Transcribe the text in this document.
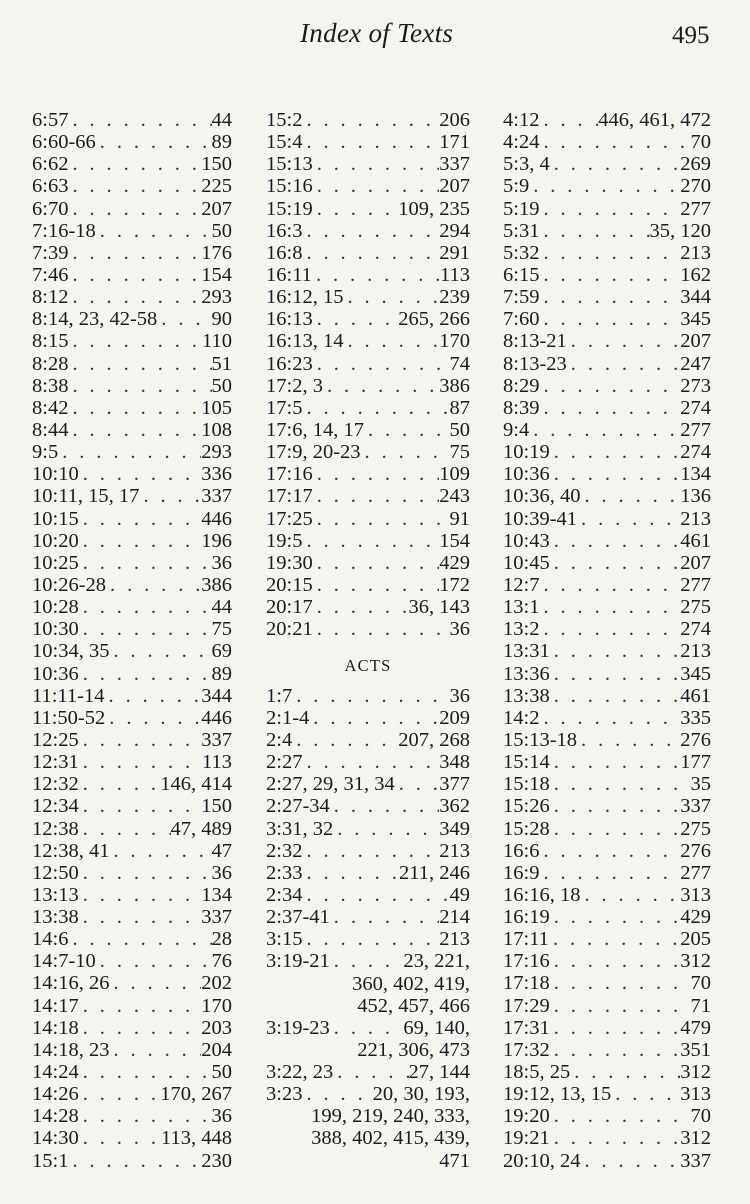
Index of Texts	495
6:57 . . .	44
6:60-66 . . .	89
6:62 . . .	150
6:63 . . .	225
6:70 . . .	207
7:16-18 . . .	50
7:39 . . .	176
7:46 . . .	154
8:12 . . .	293
8:14, 23, 42-58 . . .	90
8:15 . . .	110
8:28 . . .	51
8:38 . . .	50
8:42 . . .	105
8:44 . . .	108
9:5 . . .	293
10:10 . . .	336
10:11, 15, 17 . . .	337
10:15 . . .	446
10:20 . . .	196
10:25 . . .	36
10:26-28 . . .	386
10:28 . . .	44
10:30 . . .	75
10:34, 35 . . .	69
10:36 . . .	89
11:11-14 . . .	344
11:50-52 . . .	446
12:25 . . .	337
12:31 . . .	113
12:32 . . .	146, 414
12:34 . . .	150
12:38 . . .	47, 489
12:38, 41 . . .	47
12:50 . . .	36
13:13 . . .	134
13:38 . . .	337
14:6 . . .	28
14:7-10 . . .	76
14:16, 26 . . .	202
14:17 . . .	170
14:18 . . .	203
14:18, 23 . . .	204
14:24 . . .	50
14:26 . . .	170, 267
14:28 . . .	36
14:30 . . .	113, 448
15:1 . . .	230
15:2 . . .	206
15:4 . . .	171
15:13 . . .	337
15:16 . . .	207
15:19 . . .	109, 235
16:3 . . .	294
16:8 . . .	291
16:11 . . .	113
16:12, 15 . . .	239
16:13 . . .	265, 266
16:13, 14 . . .	170
16:23 . . .	74
17:2, 3 . . .	386
17:5 . . .	87
17:6, 14, 17 . . .	50
17:9, 20-23 . . .	75
17:16 . . .	109
17:17 . . .	243
17:25 . . .	91
19:5 . . .	154
19:30 . . .	429
20:15 . . .	172
20:17 . . .	36, 143
20:21 . . .	36
ACTS
1:7 . . .	36
2:1-4 . . .	209
2:4 . . .	207, 268
2:27 . . .	348
2:27, 29, 31, 34 . . . 377
2:27-34 . . .	362
3:31, 32 . . .	349
2:32 . . .	213
2:33 . . .	211, 246
2:34 . . .	49
2:37-41 . . .	214
3:15 . . .	213
3:19-21 . . .	23, 221,
360, 402, 419,
452, 457, 466
3:19-23 . . .	69, 140,
221, 306, 473
3:22, 23 . . .	27, 144
3:23 . . .	20, 30, 193,
199, 219, 240, 333,
388, 402, 415, 439,
471
4:12 . . .	446, 461, 472
4:24 . . .	70
5:3, 4 . . .	269
5:9 . . .	270
5:19 . . .	277
5:31 . . .	35, 120
5:32 . . .	213
6:15 . . .	162
7:59 . . .	344
7:60 . . .	345
8:13-21 . . .	207
8:13-23 . . .	247
8:29 . . .	273
8:39 . . .	274
9:4 . . .	277
10:19 . . .	274
10:36 . . .	134
10:36, 40 . . .	136
10:39-41 . . .	213
10:43 . . .	461
10:45 . . .	207
12:7 . . .	277
13:1 . . .	275
13:2 . . .	274
13:31 . . .	213
13:36 . . .	345
13:38 . . .	461
14:2 . . .	335
15:13-18 . . .	276
15:14 . . .	177
15:18 . . .	35
15:26 . . .	337
15:28 . . .	275
16:6 . . .	276
16:9 . . .	277
16:16, 18 . . .	313
16:19 . . .	429
17:11 . . .	205
17:16 . . .	312
17:18 . . .	70
17:29 . . .	71
17:31 . . .	479
17:32 . . .	351
18:5, 25 . . .	312
19:12, 13, 15 . . .	313
19:20 . . .	70
19:21 . . .	312
20:10, 24 . . .	337
